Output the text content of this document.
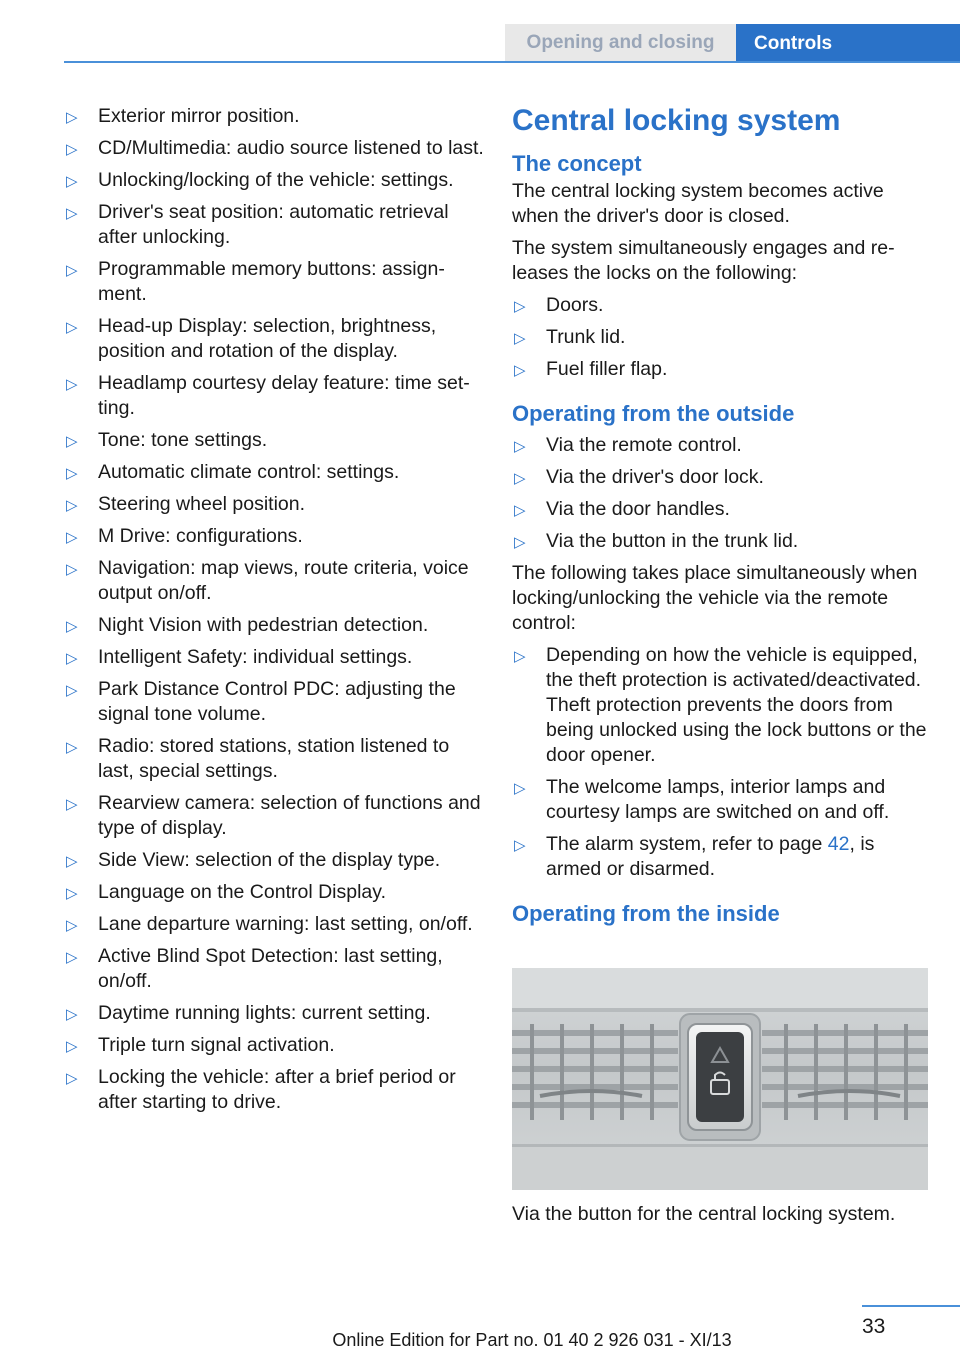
Opening and closing	Controls
▷ Exterior mirror position.
▷ CD/Multimedia: audio source listened to last.
▷ Unlocking/locking of the vehicle: settings.
▷ Driver's seat position: automatic retrieval after unlocking.
▷ Programmable memory buttons: assignment.
▷ Head-up Display: selection, brightness, position and rotation of the display.
▷ Headlamp courtesy delay feature: time setting.
▷ Tone: tone settings.
▷ Automatic climate control: settings.
▷ Steering wheel position.
▷ M Drive: configurations.
▷ Navigation: map views, route criteria, voice output on/off.
▷ Night Vision with pedestrian detection.
▷ Intelligent Safety: individual settings.
▷ Park Distance Control PDC: adjusting the signal tone volume.
▷ Radio: stored stations, station listened to last, special settings.
▷ Rearview camera: selection of functions and type of display.
▷ Side View: selection of the display type.
▷ Language on the Control Display.
▷ Lane departure warning: last setting, on/off.
▷ Active Blind Spot Detection: last setting, on/off.
▷ Daytime running lights: current setting.
▷ Triple turn signal activation.
▷ Locking the vehicle: after a brief period or after starting to drive.
Central locking system
The concept

The central locking system becomes active when the driver's door is closed.

The system simultaneously engages and releases the locks on the following:

▷ Doors.
▷ Trunk lid.
▷ Fuel filler flap.
Operating from the outside
▷ Via the remote control.
▷ Via the driver's door lock.
▷ Via the door handles.
▷ Via the button in the trunk lid.

The following takes place simultaneously when locking/unlocking the vehicle via the remote control:

▷ Depending on how the vehicle is equipped, the theft protection is activated/deactivated. Theft protection prevents the doors from being unlocked using the lock buttons or the door opener.
▷ The welcome lamps, interior lamps and courtesy lamps are switched on and off.
▷ The alarm system, refer to page 42, is armed or disarmed.
Operating from the inside
Via the button for the central locking system.
33
Online Edition for Part no. 01 40 2 926 031 - XI/13
